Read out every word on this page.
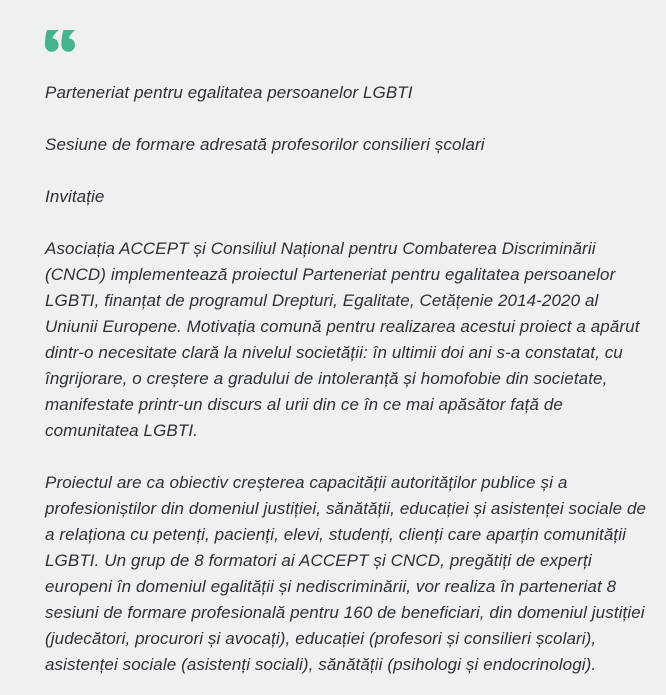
Parteneriat pentru egalitatea persoanelor LGBTI

Sesiune de formare adresată profesorilor consilieri școlari

Invitație

Asociația ACCEPT și Consiliul Național pentru Combaterea Discriminării (CNCD) implementează proiectul Parteneriat pentru egalitatea persoanelor LGBTI, finanțat de programul Drepturi, Egalitate, Cetățenie 2014-2020 al Uniunii Europene. Motivația comună pentru realizarea acestui proiect a apărut dintr-o necesitate clară la nivelul societății: în ultimii doi ani s-a constatat, cu îngrijorare, o creștere a gradului de intoleranță și homofobie din societate, manifestate printr-un discurs al urii din ce în ce mai apăsător față de comunitatea LGBTI.

Proiectul are ca obiectiv creșterea capacității autorităților publice și a profesioniștilor din domeniul justiției, sănătății, educației și asistenței sociale de a relaționa cu petenți, pacienți, elevi, studenți, clienți care aparțin comunității LGBTI. Un grup de 8 formatori ai ACCEPT și CNCD, pregătiți de experți europeni în domeniul egalității și nediscriminării, vor realiza în parteneriat 8 sesiuni de formare profesională pentru 160 de beneficiari, din domeniul justiției (judecători, procurori și avocați), educației (profesori și consilieri școlari), asistenței sociale (asistenți sociali), sănătății (psihologi și endocrinologi).
